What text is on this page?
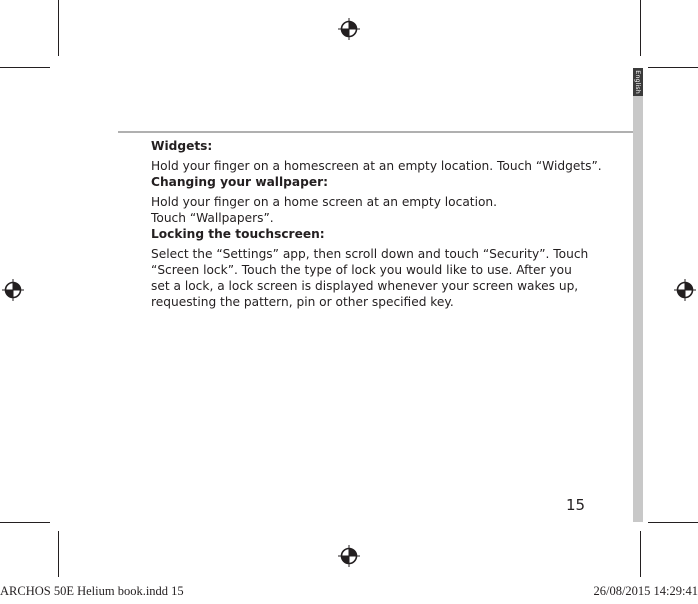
English
Widgets:

Hold your finger on a homescreen at an empty location. Touch “Widgets”.

Changing your wallpaper:

Hold your finger on a home screen at an empty location.
Touch “Wallpapers”.

Locking the touchscreen:

Select the “Settings” app, then scroll down and touch “Security”. Touch
“Screen lock”. Touch the type of lock you would like to use. After you
set a lock, a lock screen is displayed whenever your screen wakes up,
requesting the pattern, pin or other specified key.

15
ARCHOS 50E Helium book.indd 15	26/08/2015 14:29:41
